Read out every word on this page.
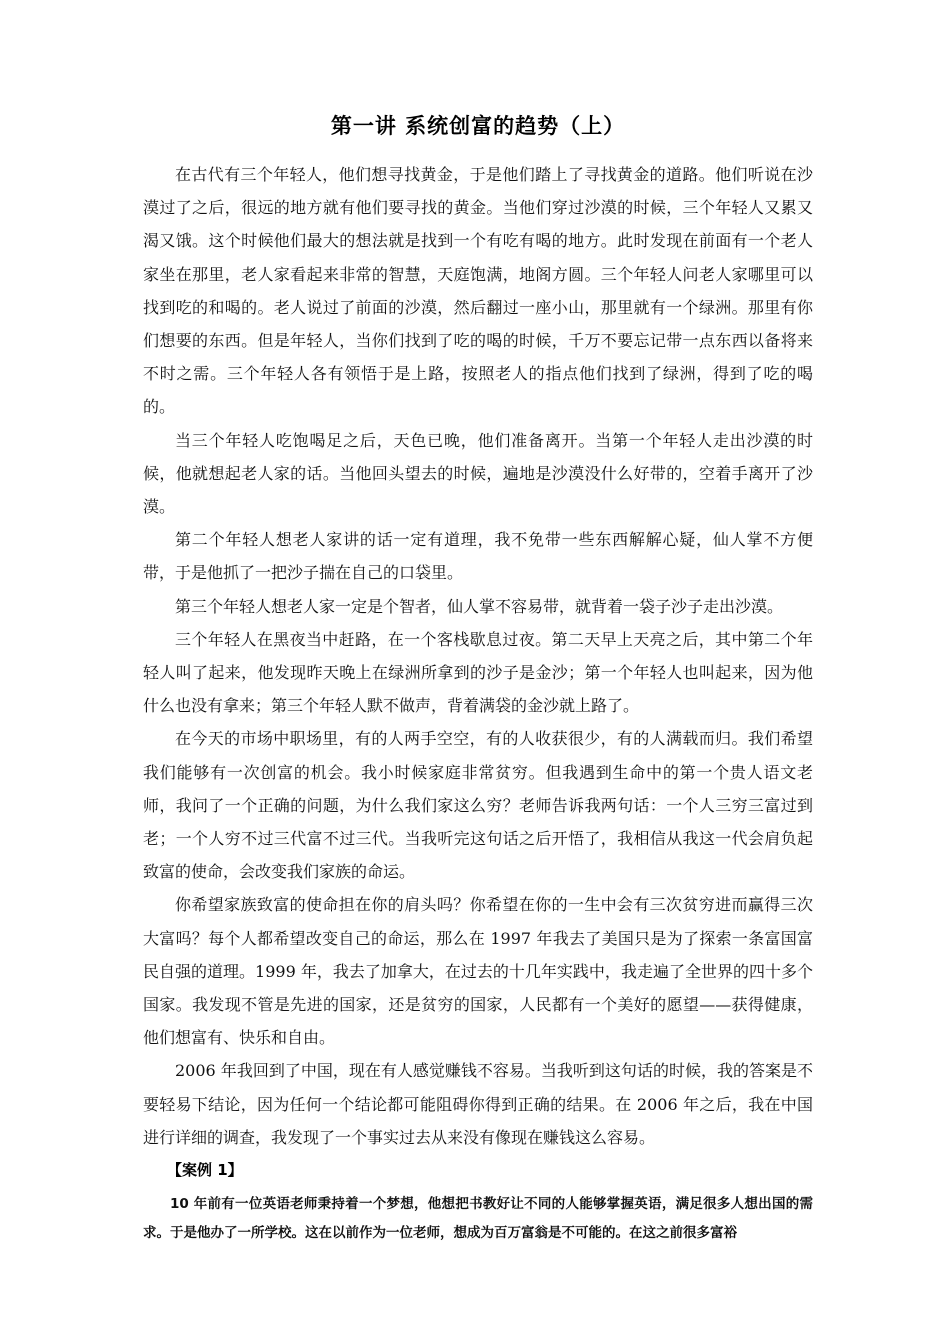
第一讲 系统创富的趋势（上）

在古代有三个年轻人，他们想寻找黄金，于是他们踏上了寻找黄金的道路。他们听说在沙漠过了之后，很远的地方就有他们要寻找的黄金。当他们穿过沙漠的时候，三个年轻人又累又渴又饿。这个时候他们最大的想法就是找到一个有吃有喝的地方。此时发现在前面有一个老人家坐在那里，老人家看起来非常的智慧，天庭饱满，地阁方圆。三个年轻人问老人家哪里可以找到吃的和喝的。老人说过了前面的沙漠，然后翻过一座小山，那里就有一个绿洲。那里有你们想要的东西。但是年轻人，当你们找到了吃的喝的时候，千万不要忘记带一点东西以备将来不时之需。三个年轻人各有领悟于是上路，按照老人的指点他们找到了绿洲，得到了吃的喝的。

当三个年轻人吃饱喝足之后，天色已晚，他们准备离开。当第一个年轻人走出沙漠的时候，他就想起老人家的话。当他回头望去的时候，遍地是沙漠没什么好带的，空着手离开了沙漠。

第二个年轻人想老人家讲的话一定有道理，我不免带一些东西解解心疑，仙人掌不方便带，于是他抓了一把沙子揣在自己的口袋里。

第三个年轻人想老人家一定是个智者，仙人掌不容易带，就背着一袋子沙子走出沙漠。

三个年轻人在黑夜当中赶路，在一个客栈歇息过夜。第二天早上天亮之后，其中第二个年轻人叫了起来，他发现昨天晚上在绿洲所拿到的沙子是金沙；第一个年轻人也叫起来，因为他什么也没有拿来；第三个年轻人默不做声，背着满袋的金沙就上路了。

在今天的市场中职场里，有的人两手空空，有的人收获很少，有的人满载而归。我们希望我们能够有一次创富的机会。我小时候家庭非常贫穷。但我遇到生命中的第一个贵人语文老师，我问了一个正确的问题，为什么我们家这么穷？老师告诉我两句话：一个人三穷三富过到老；一个人穷不过三代富不过三代。当我听完这句话之后开悟了，我相信从我这一代会肩负起致富的使命，会改变我们家族的命运。

你希望家族致富的使命担在你的肩头吗？你希望在你的一生中会有三次贫穷进而赢得三次大富吗？每个人都希望改变自己的命运，那么在 1997 年我去了美国只是为了探索一条富国富民自强的道理。1999 年，我去了加拿大，在过去的十几年实践中，我走遍了全世界的四十多个国家。我发现不管是先进的国家，还是贫穷的国家，人民都有一个美好的愿望——获得健康，他们想富有、快乐和自由。

2006 年我回到了中国，现在有人感觉赚钱不容易。当我听到这句话的时候，我的答案是不要轻易下结论，因为任何一个结论都可能阻碍你得到正确的结果。在 2006 年之后，我在中国进行详细的调查，我发现了一个事实过去从来没有像现在赚钱这么容易。

【案例 1】

10 年前有一位英语老师秉持着一个梦想，他想把书教好让不同的人能够掌握英语，满足很多人想出国的需求。于是他办了一所学校。这在以前作为一位老师，想成为百万富翁是不可能的。在这之前很多富裕
